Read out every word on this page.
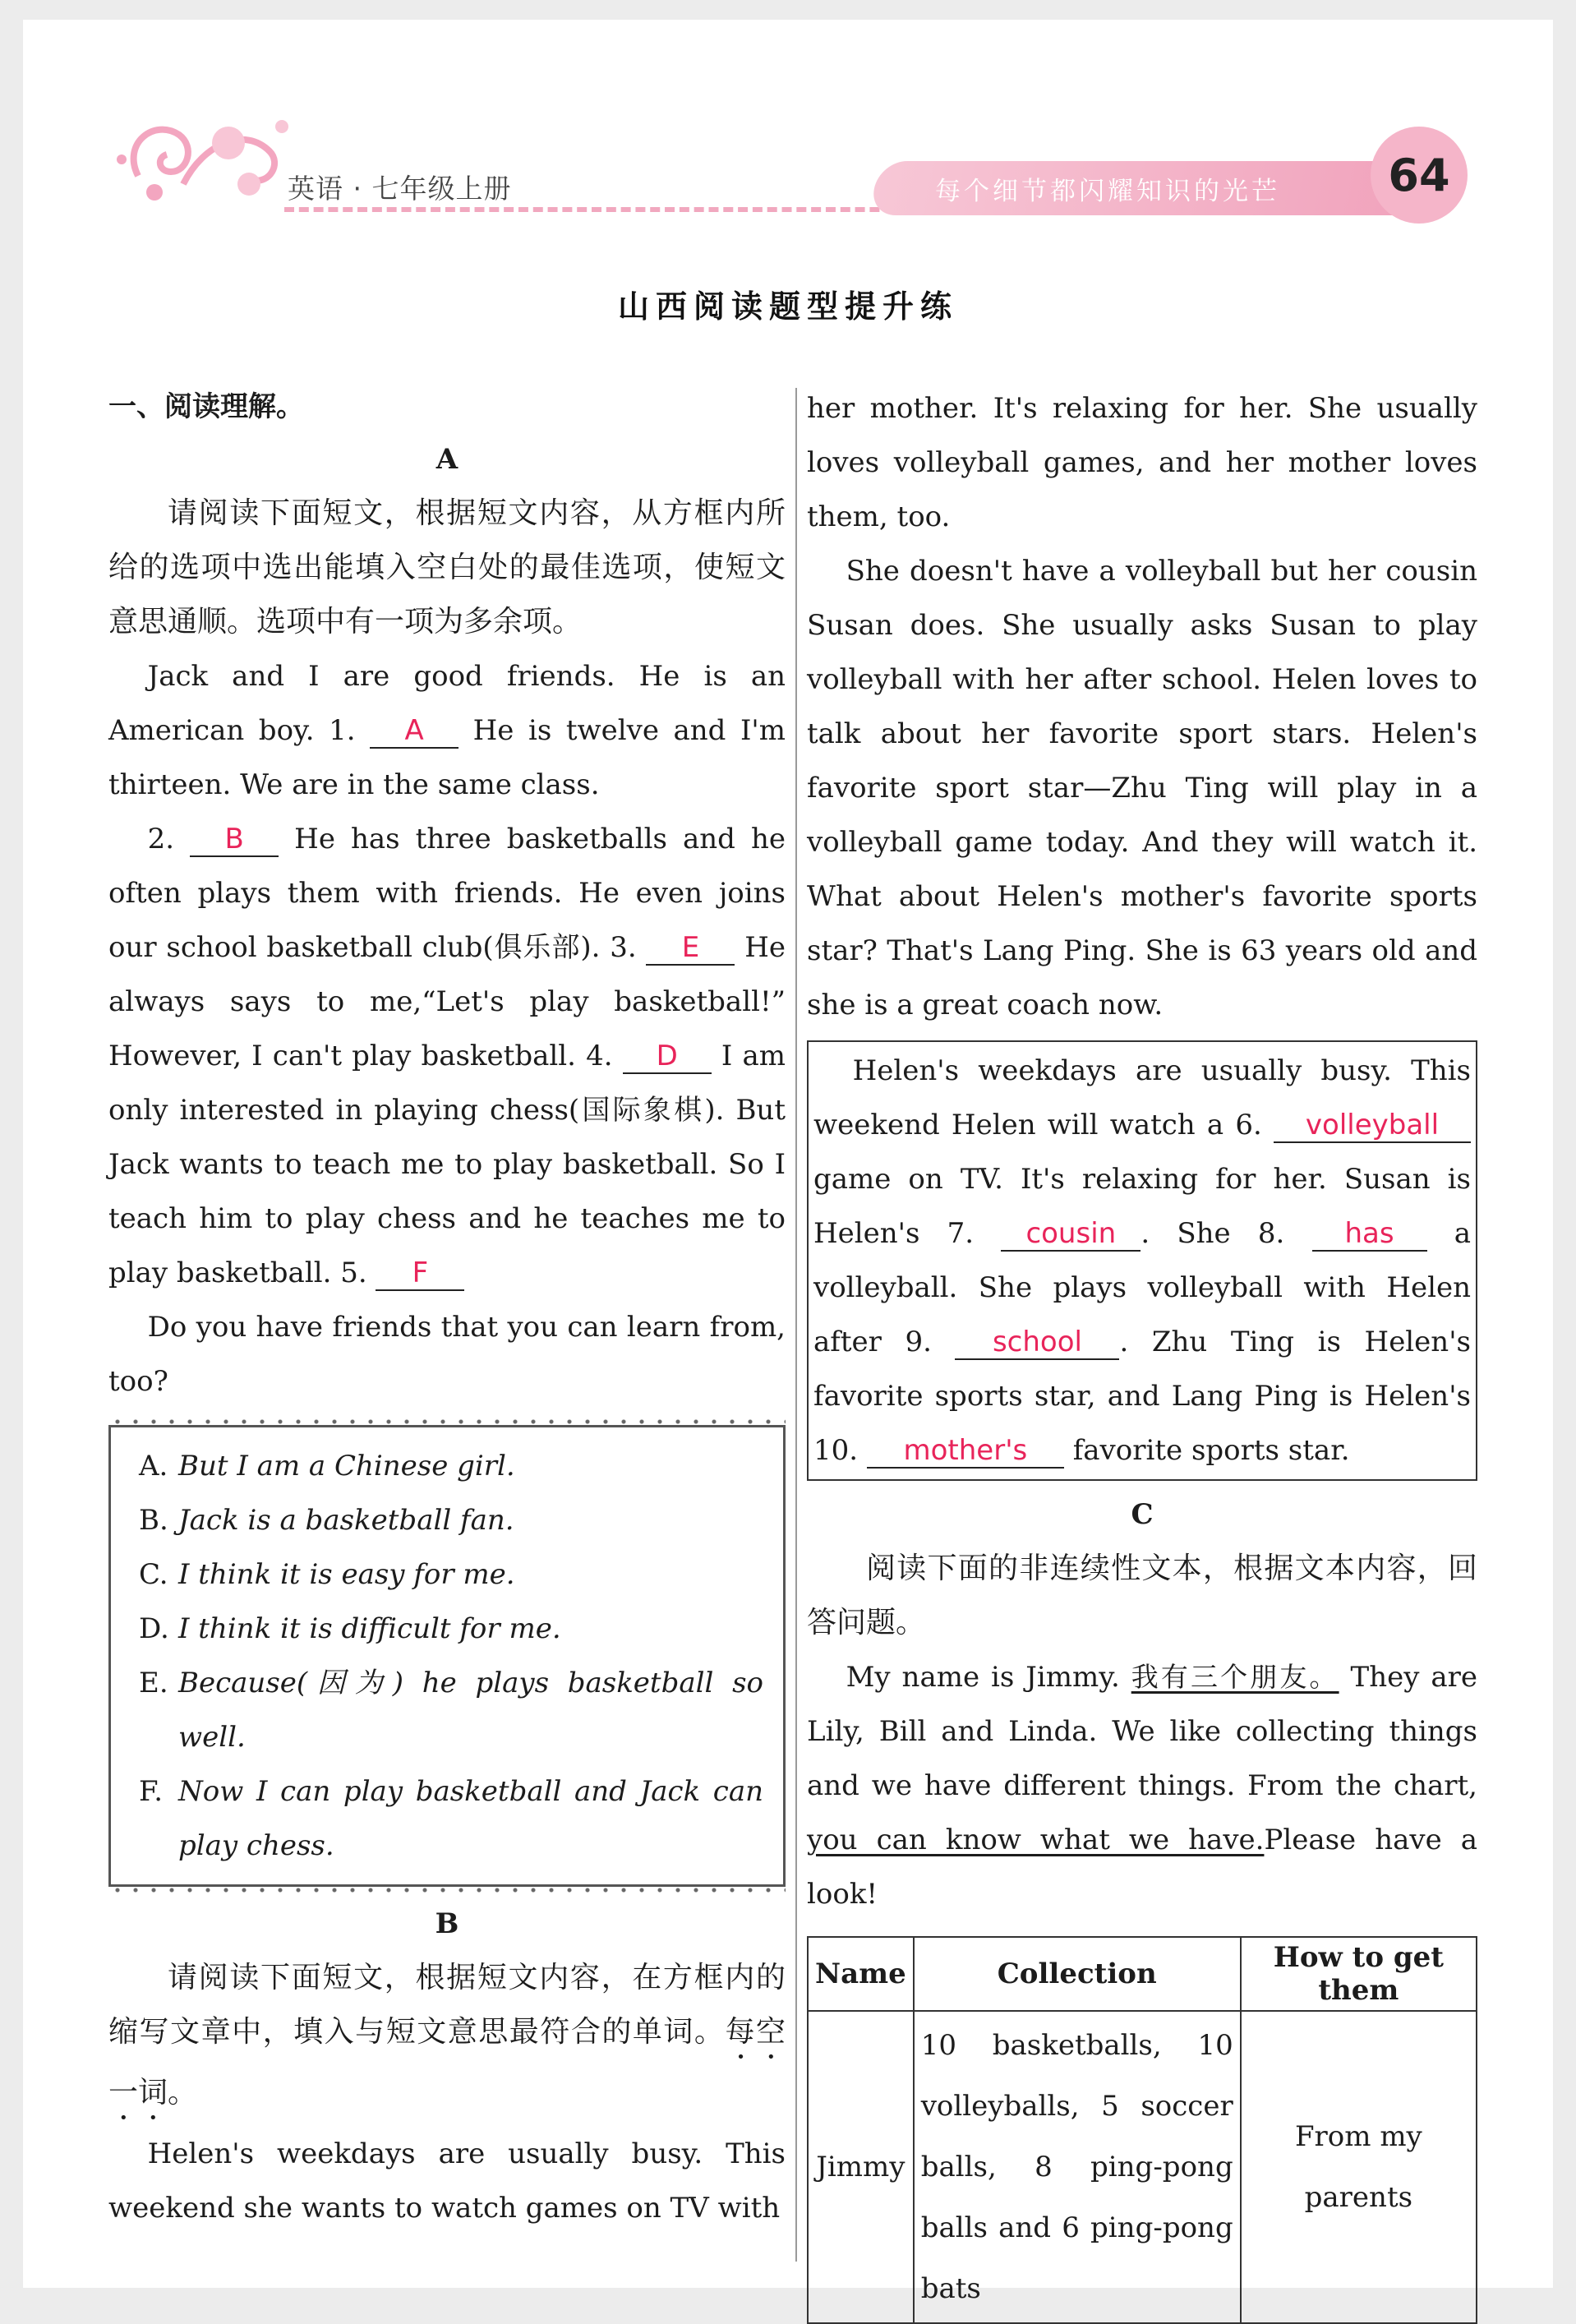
英语 · 七年级上册	每个细节都闪耀知识的光芒	64
山西阅读题型提升练
一、阅读理解。
A

请阅读下面短文，根据短文内容，从方框内所给的选项中选出能填入空白处的最佳选项，使短文意思通顺。选项中有一项为多余项。

Jack and I are good friends. He is an American boy. 1. A He is twelve and I'm thirteen. We are in the same class.

2. B He has three basketballs and he often plays them with friends. He even joins our school basketball club(俱乐部). 3. E He always says to me,“Let's play basketball!” However, I can't play basketball. 4. D I am only interested in playing chess(国际象棋). But Jack wants to teach me to play basketball. So I teach him to play chess and he teaches me to play basketball. 5. F

Do you have friends that you can learn from, too?

A. But I am a Chinese girl.
B. Jack is a basketball fan.
C. I think it is easy for me.
D. I think it is difficult for me.
E. Because(因为) he plays basketball so well.
F. Now I can play basketball and Jack can play chess.
B

请阅读下面短文，根据短文内容，在方框内的缩写文章中，填入与短文意思最符合的单词。每空一词。

Helen's weekdays are usually busy. This weekend she wants to watch games on TV with

her mother. It's relaxing for her. She usually loves volleyball games, and her mother loves them, too.

She doesn't have a volleyball but her cousin Susan does. She usually asks Susan to play volleyball with her after school. Helen loves to talk about her favorite sport stars. Helen's favorite sport star—Zhu Ting will play in a volleyball game today. And they will watch it. What about Helen's mother's favorite sports star? That's Lang Ping. She is 63 years old and she is a great coach now.

Helen's weekdays are usually busy. This weekend Helen will watch a 6. volleyball game on TV. It's relaxing for her. Susan is Helen's 7. cousin . She 8. has a volleyball. She plays volleyball with Helen after 9. school . Zhu Ting is Helen's favorite sports star, and Lang Ping is Helen's 10. mother's favorite sports star.

C

阅读下面的非连续性文本，根据文本内容，回答问题。

My name is Jimmy. 我有三个朋友。 They are Lily, Bill and Linda. We like collecting things and we have different things. From the chart, you can know what we have.Please have a look!

Name	Collection	How to get them
Jimmy	10 basketballs, 10 volleyballs, 5 soccer balls, 8 ping-pong balls and 6 ping-pong bats	From my parents
